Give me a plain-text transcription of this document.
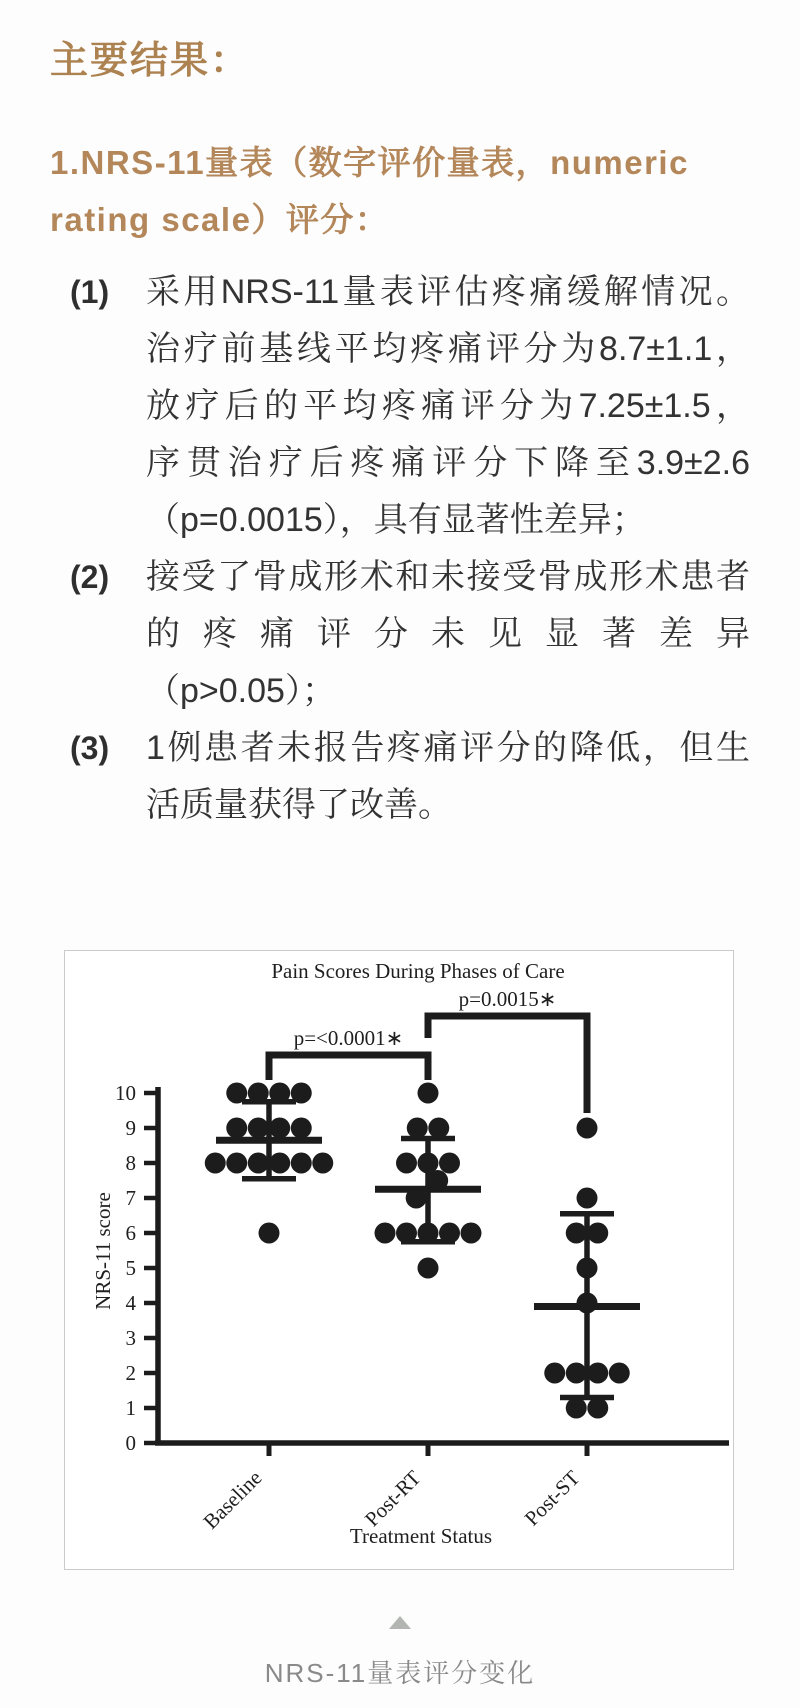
主要结果：
1.NRS-11量表（数字评价量表，numeric
rating scale）评分：
(1) 采用NRS-11量表评估疼痛缓解情况。
治疗前基线平均疼痛评分为8.7±1.1，
放疗后的平均疼痛评分为7.25±1.5，
序贯治疗后疼痛评分下降至3.9±2.6
（p=0.0015），具有显著性差异；
(2) 接受了骨成形术和未接受骨成形术患者
的疼痛评分未见显著差异
（p>0.05）；
(3) 1例患者未报告疼痛评分的降低，但生
活质量获得了改善。
Pain Scores During Phases of Care
0
1
2
3
4
5
6
7
8
9
10
NRS-11 score
Baseline	Post-RT	Post-ST
p=<0.0001∗
p=0.0015∗
Treatment Status
NRS-11量表评分变化
